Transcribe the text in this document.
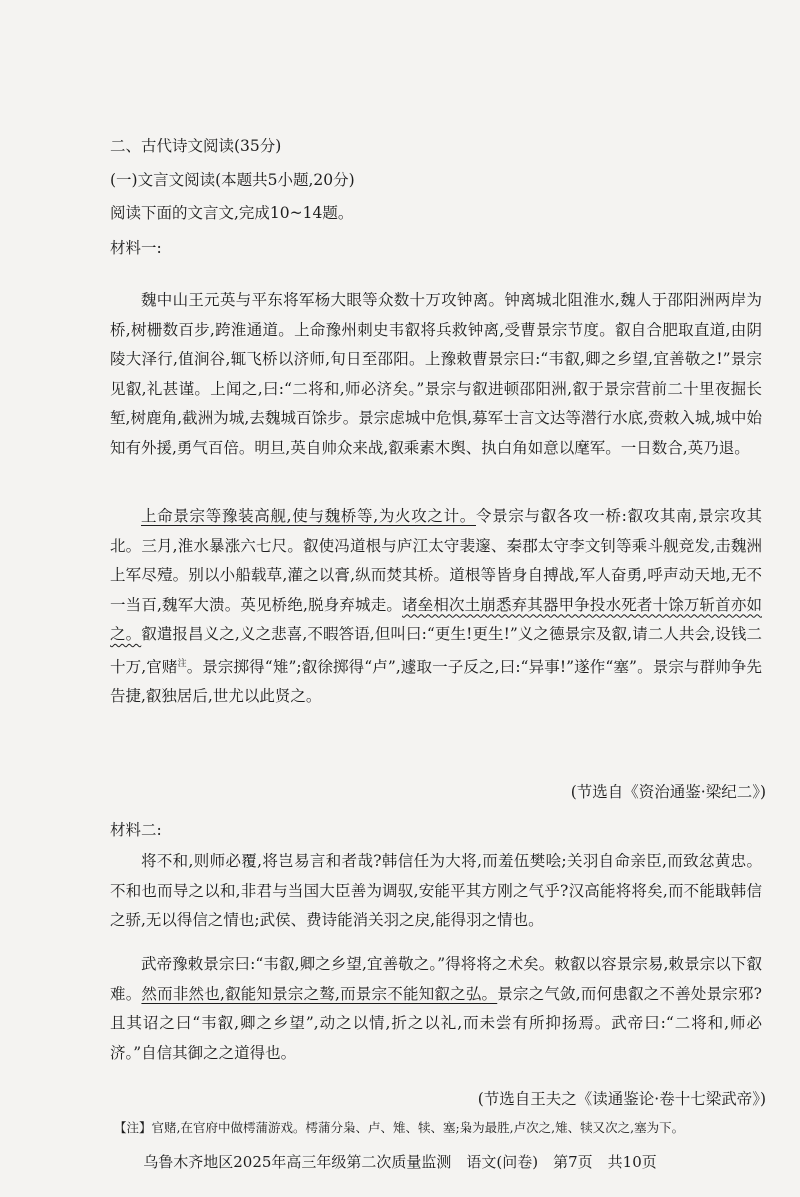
二、古代诗文阅读(35分)
(一)文言文阅读(本题共5小题,20分)
阅读下面的文言文,完成10~14题。
材料一:
魏中山王元英与平东将军杨大眼等众数十万攻钟离。钟离城北阻淮水,魏人于邵阳洲两岸为桥,树栅数百步,跨淮通道。上命豫州刺史韦叡将兵救钟离,受曹景宗节度。叡自合肥取直道,由阴陵大泽行,值涧谷,辄飞桥以济师,旬日至邵阳。上豫敕曹景宗曰:“韦叡,卿之乡望,宜善敬之!”景宗见叡,礼甚谨。上闻之,曰:“二将和,师必济矣。”景宗与叡进顿邵阳洲,叡于景宗营前二十里夜掘长堑,树鹿角,截洲为城,去魏城百馀步。景宗虑城中危惧,募军士言文达等潜行水底,赍敕入城,城中始知有外援,勇气百倍。明旦,英自帅众来战,叡乘素木舆、执白角如意以麾军。一日数合,英乃退。
上命景宗等豫装高舰,使与魏桥等,为火攻之计。令景宗与叡各攻一桥:叡攻其南,景宗攻其北。三月,淮水暴涨六七尺。叡使冯道根与庐江太守裴邃、秦郡太守李文钊等乘斗舰竞发,击魏洲上军尽殪。别以小船载草,灌之以膏,纵而焚其桥。道根等皆身自搏战,军人奋勇,呼声动天地,无不一当百,魏军大溃。英见桥绝,脱身弃城走。诸垒相次土崩悉弃其器甲争投水死者十馀万斩首亦如之。叡遣报昌义之,义之悲喜,不暇答语,但叫曰:“更生!更生!”义之德景宗及叡,请二人共会,设钱二十万,官赌$^注$。景宗掷得“雉”;叡徐掷得“卢”,遽取一子反之,曰:“异事!”遂作“塞”。景宗与群帅争先告捷,叡独居后,世尤以此贤之。
(节选自《资治通鉴·梁纪二》)
材料二:
将不和,则师必覆,将岂易言和者哉?韩信任为大将,而羞伍樊哙;关羽自命亲臣,而致忿黄忠。不和也而导之以和,非君与当国大臣善为调驭,安能平其方刚之气乎?汉高能将将矣,而不能戢韩信之骄,无以得信之情也;武侯、费诗能消关羽之戾,能得羽之情也。
武帝豫敕景宗曰:“韦叡,卿之乡望,宜善敬之。”得将将之术矣。敕叡以容景宗易,敕景宗以下叡难。然而非然也,叡能知景宗之骜,而景宗不能知叡之弘。景宗之气敛,而何患叡之不善处景宗邪?且其诏之曰“韦叡,卿之乡望”,动之以情,折之以礼,而未尝有所抑扬焉。武帝曰:“二将和,师必济。”自信其御之之道得也。
(节选自王夫之《读通鉴论·卷十七梁武帝》)
【注】官赌,在官府中做樗蒲游戏。樗蒲分枭、卢、雉、犊、塞;枭为最胜,卢次之,雉、犊又次之,塞为下。
乌鲁木齐地区2025年高三年级第二次质量监测　语文(问卷)　第7页　共10页
